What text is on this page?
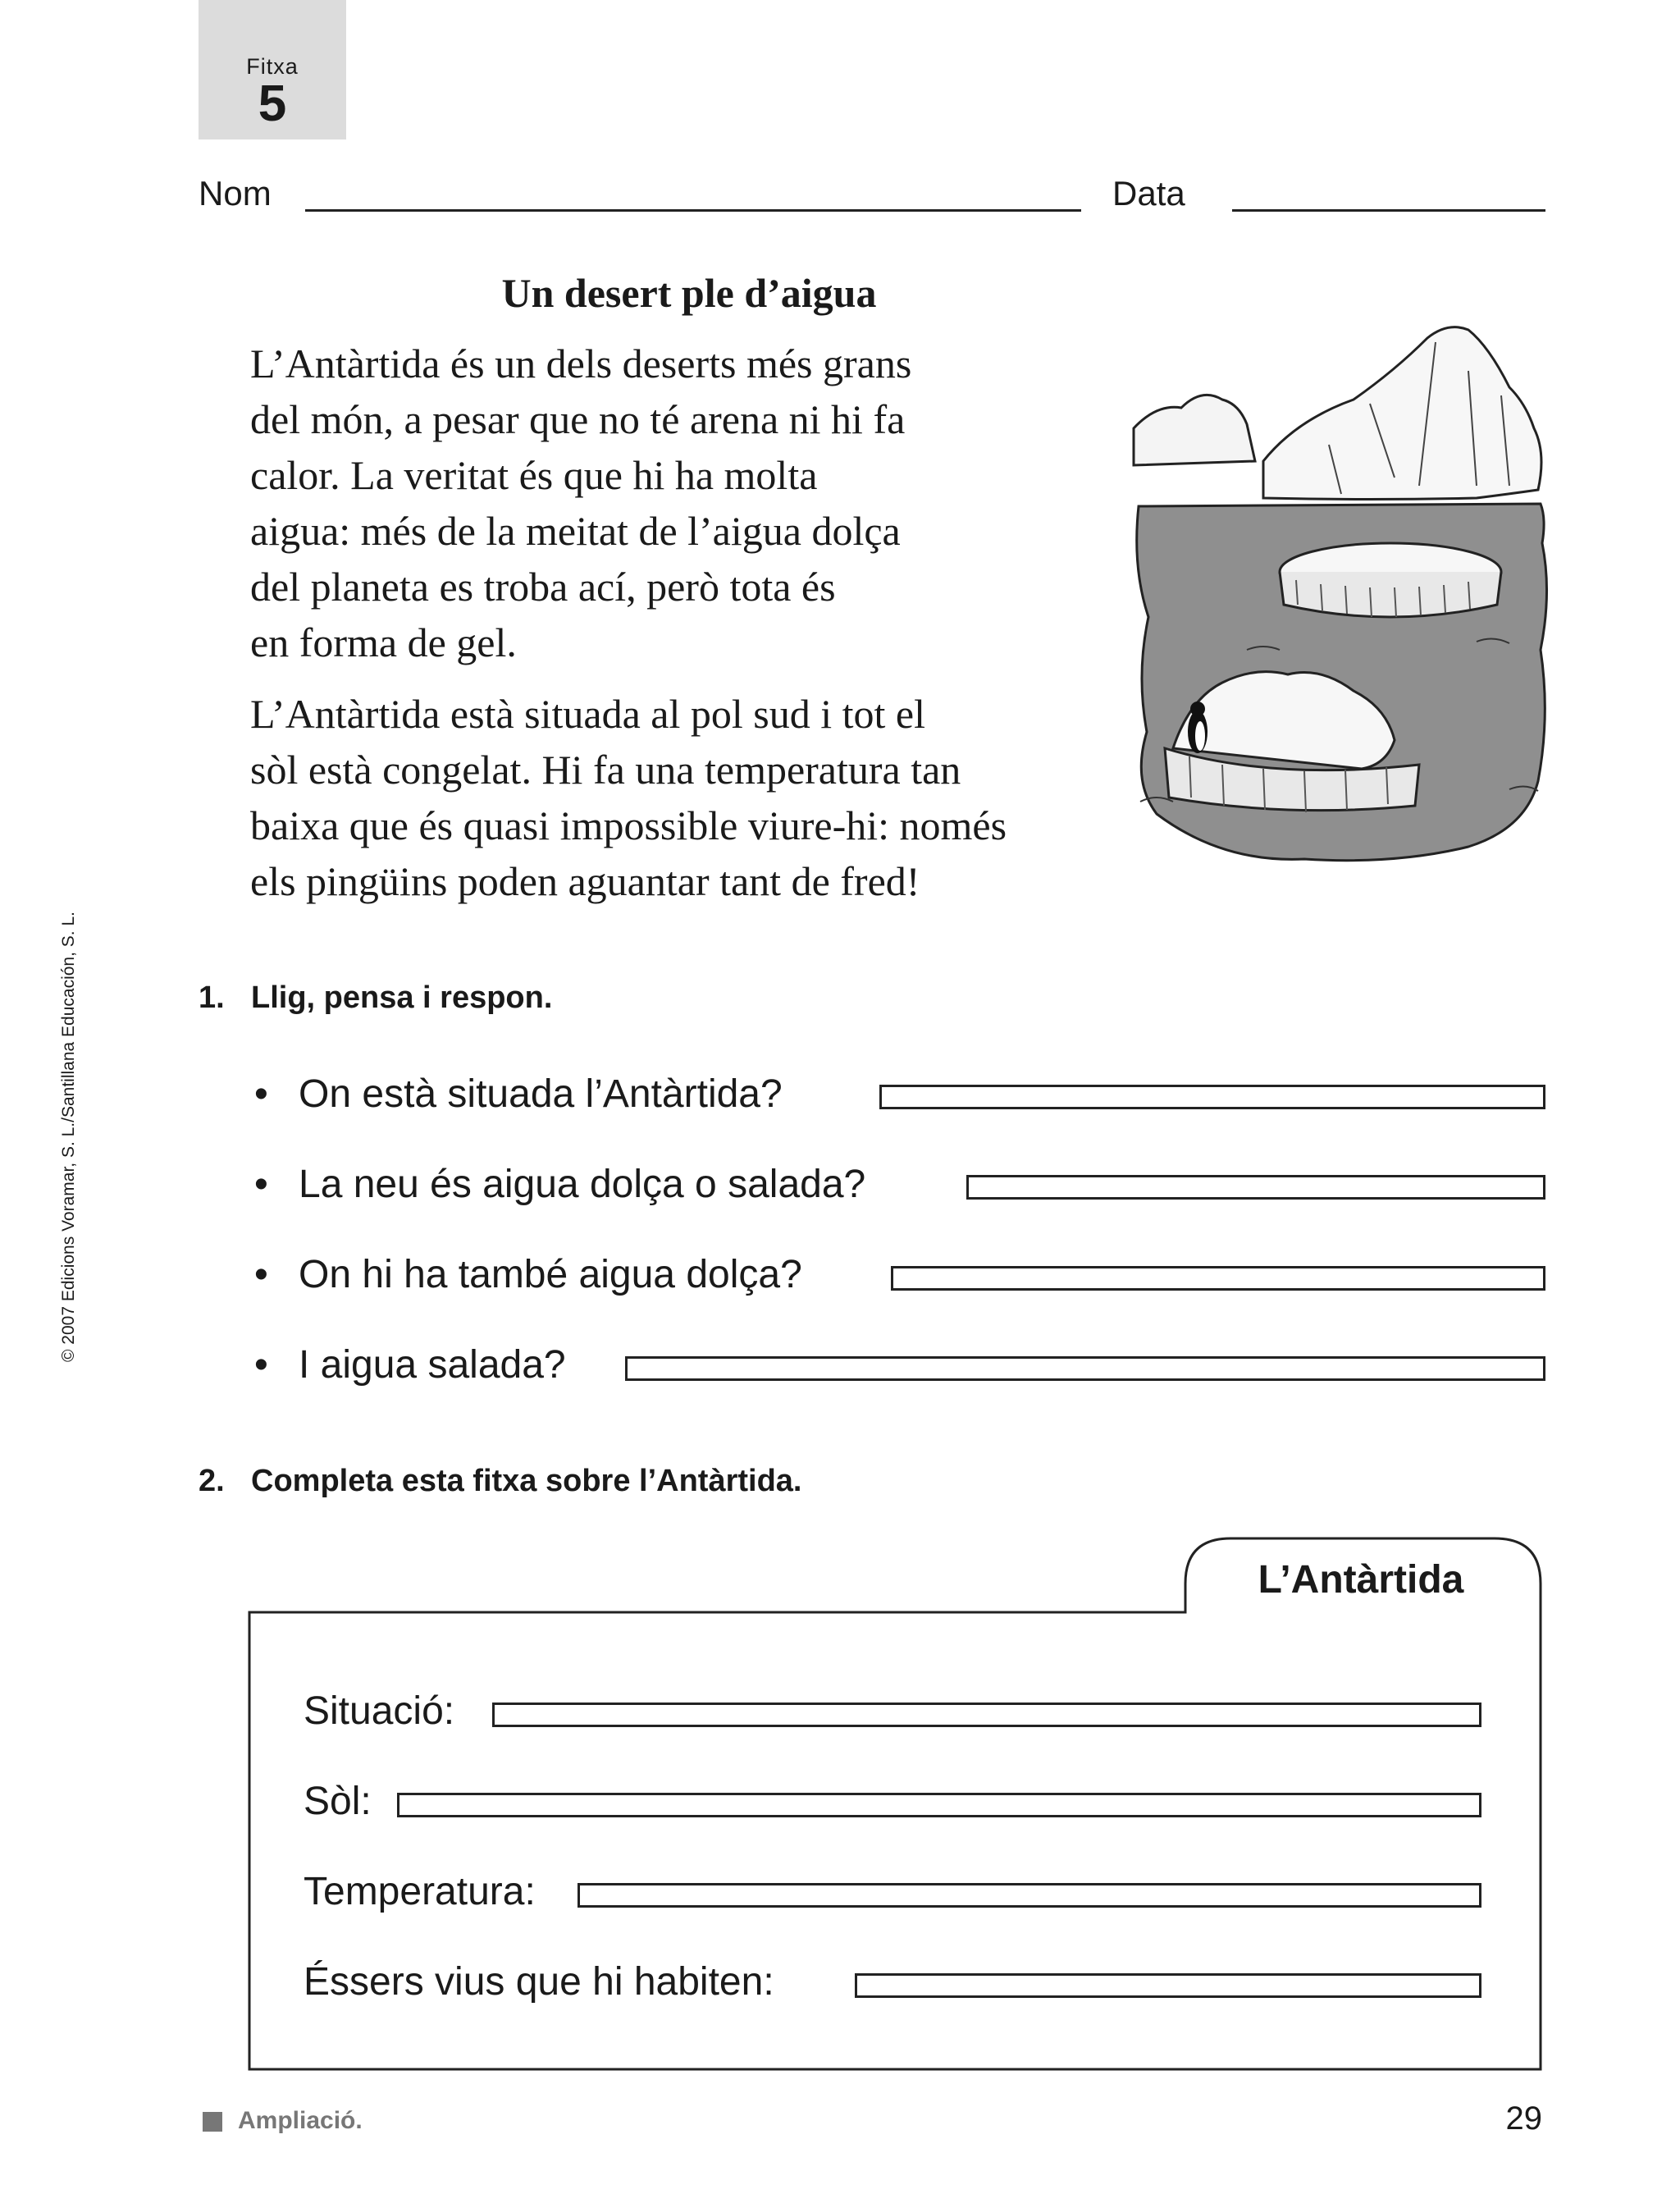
Fitxa
5
Nom	Data
© 2007 Edicions Voramar, S. L./Santillana Educación, S. L.
Un desert ple d’aigua
L’Antàrtida és un dels deserts més grans
del món, a pesar que no té arena ni hi fa
calor. La veritat és que hi ha molta
aigua: més de la meitat de l’aigua dolça
del planeta es troba ací, però tota és
en forma de gel.
L’Antàrtida està situada al pol sud i tot el
sòl està congelat. Hi fa una temperatura tan
baixa que és quasi impossible viure-hi: només
els pingüins poden aguantar tant de fred!
1. Llig, pensa i respon.
• On està situada l’Antàrtida?
• La neu és aigua dolça o salada?
• On hi ha també aigua dolça?
• I aigua salada?
2. Completa esta fitxa sobre l’Antàrtida.
L’Antàrtida
Situació:
Sòl:
Temperatura:
Éssers vius que hi habiten:
Ampliació.	29
